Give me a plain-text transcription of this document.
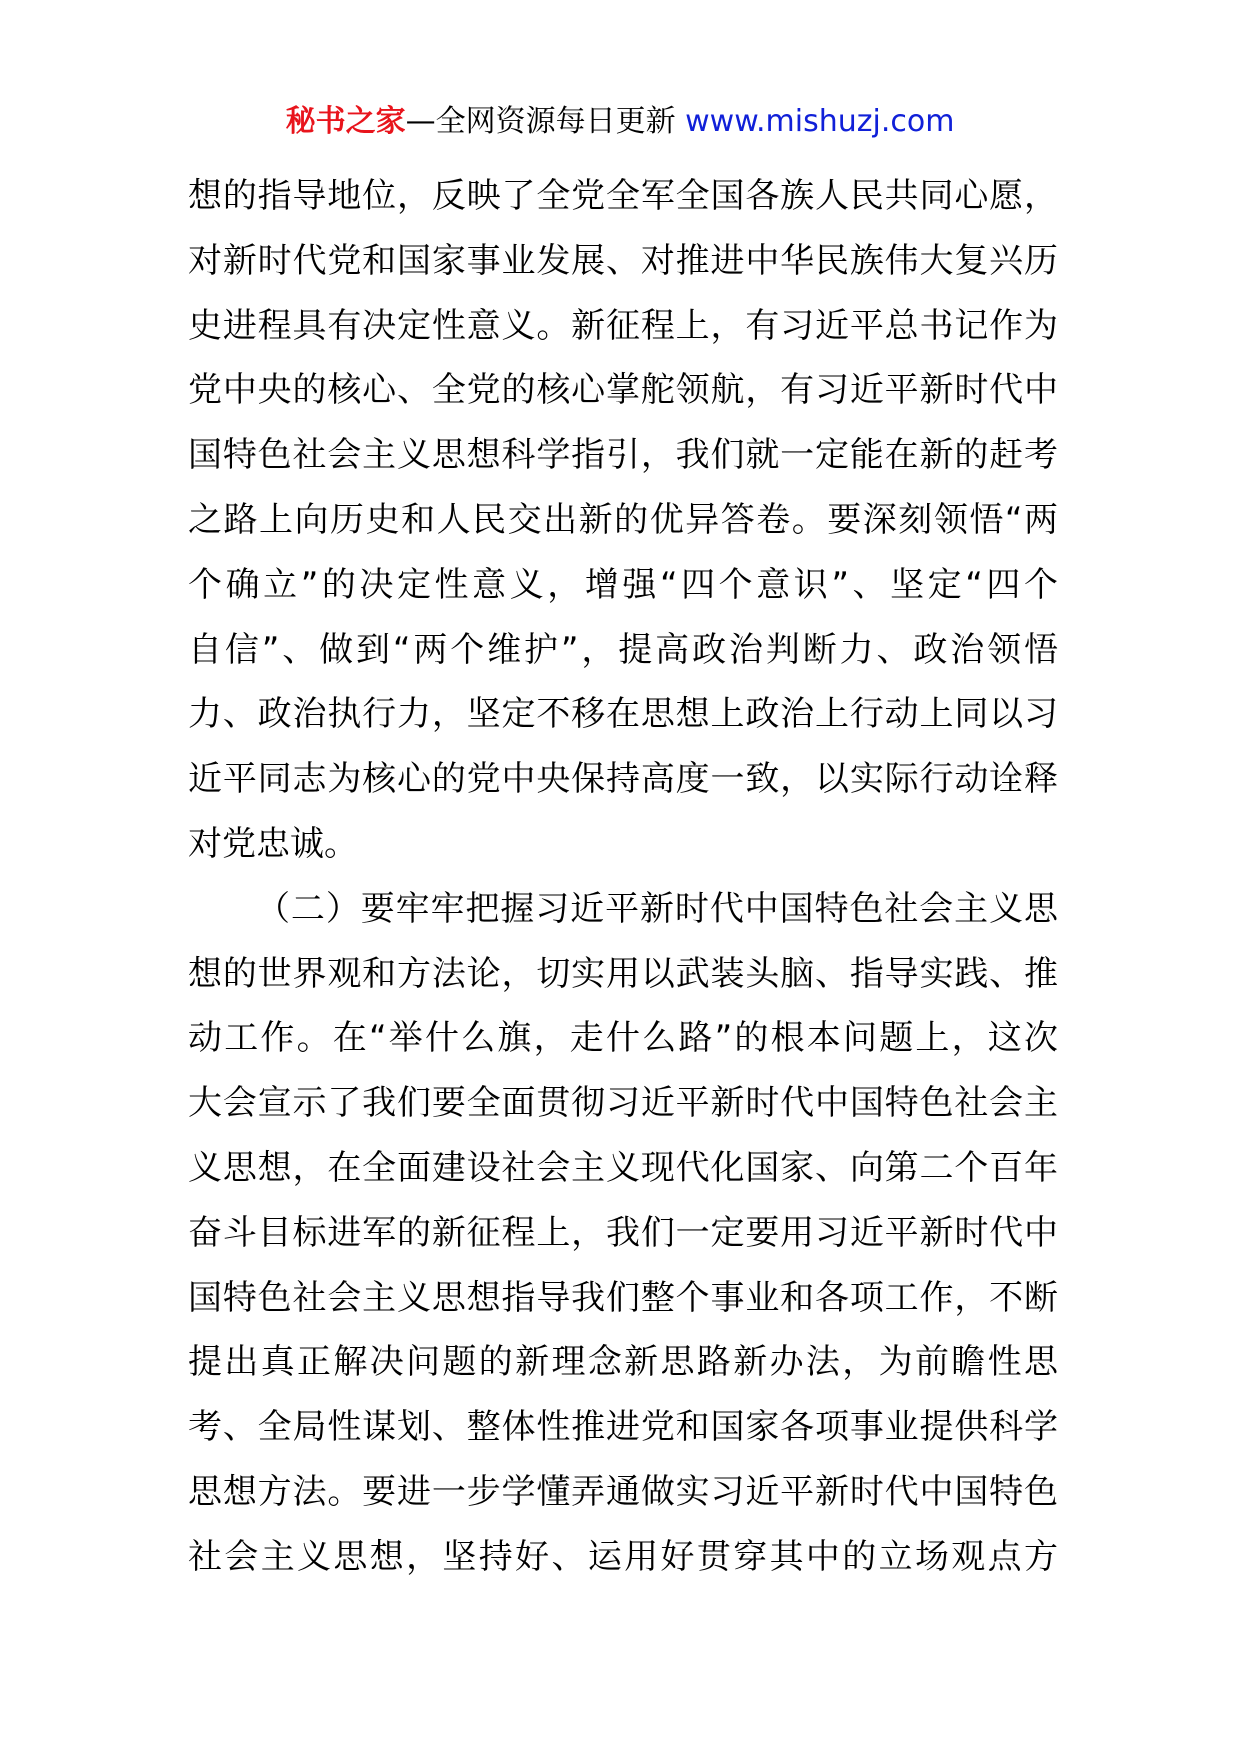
秘书之家—全网资源每日更新 www.mishuzj.com
想的指导地位，反映了全党全军全国各族人民共同心愿，
对新时代党和国家事业发展、对推进中华民族伟大复兴历
史进程具有决定性意义。新征程上，有习近平总书记作为
党中央的核心、全党的核心掌舵领航，有习近平新时代中
国特色社会主义思想科学指引，我们就一定能在新的赶考
之路上向历史和人民交出新的优异答卷。要深刻领悟“两
个确立”的决定性意义，增强“四个意识”、坚定“四个
自信”、做到“两个维护”，提高政治判断力、政治领悟
力、政治执行力，坚定不移在思想上政治上行动上同以习
近平同志为核心的党中央保持高度一致，以实际行动诠释
对党忠诚。
（二）要牢牢把握习近平新时代中国特色社会主义思
想的世界观和方法论，切实用以武装头脑、指导实践、推
动工作。在“举什么旗，走什么路”的根本问题上，这次
大会宣示了我们要全面贯彻习近平新时代中国特色社会主
义思想，在全面建设社会主义现代化国家、向第二个百年
奋斗目标进军的新征程上，我们一定要用习近平新时代中
国特色社会主义思想指导我们整个事业和各项工作，不断
提出真正解决问题的新理念新思路新办法，为前瞻性思
考、全局性谋划、整体性推进党和国家各项事业提供科学
思想方法。要进一步学懂弄通做实习近平新时代中国特色
社会主义思想，坚持好、运用好贯穿其中的立场观点方
